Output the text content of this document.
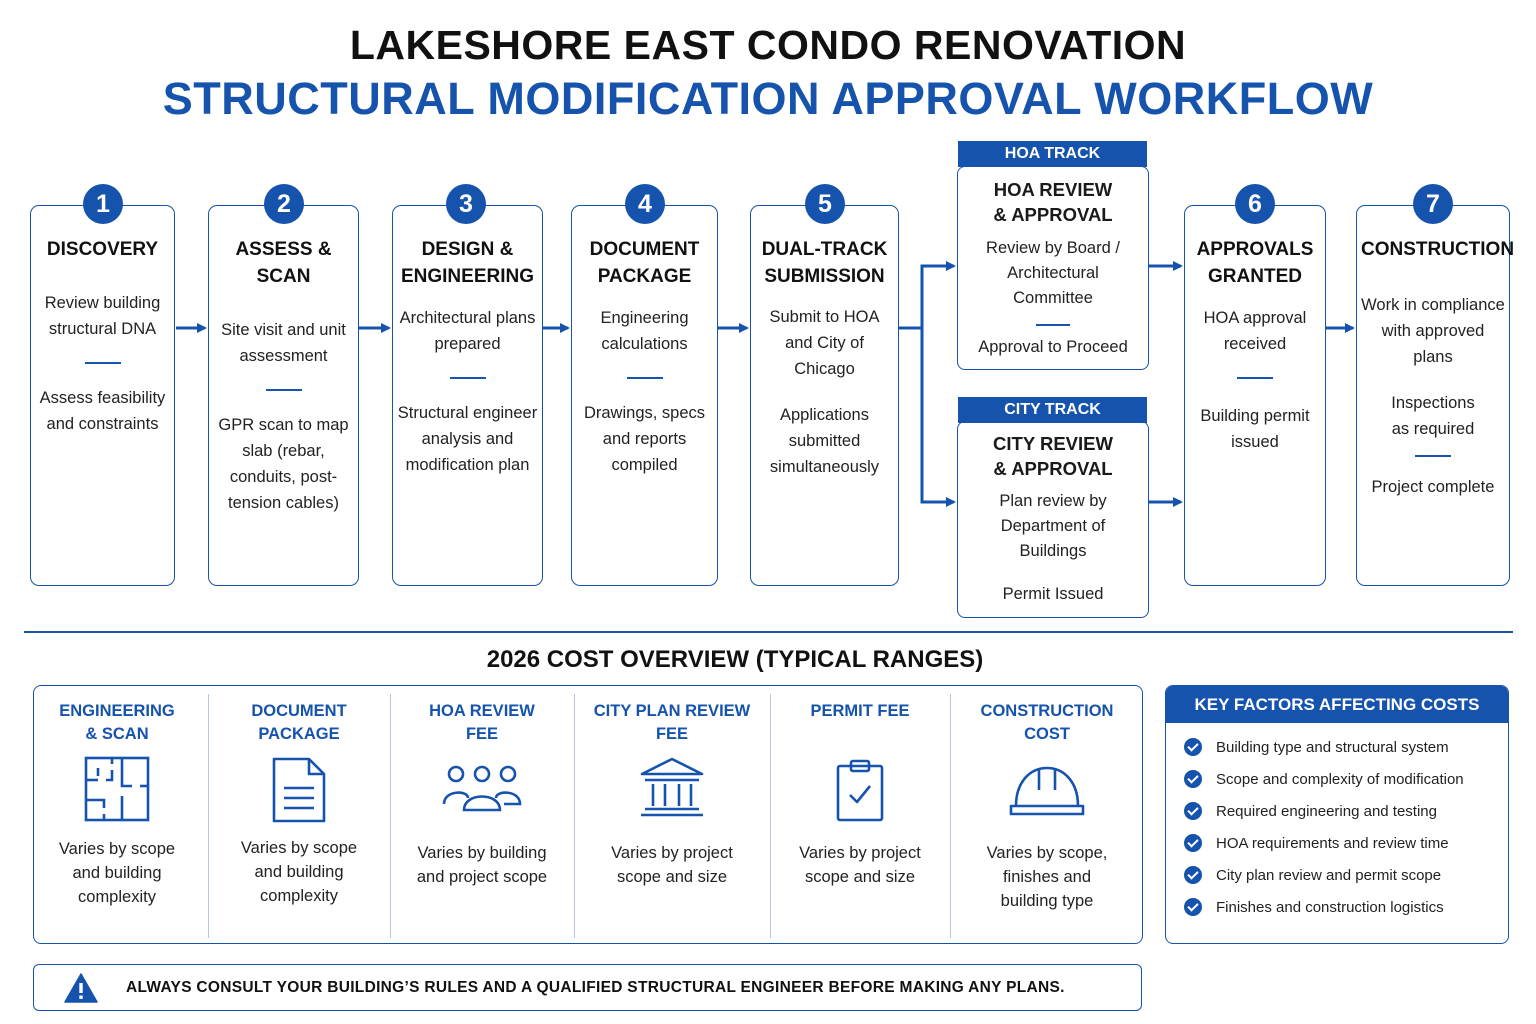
LAKESHORE EAST CONDO RENOVATION
STRUCTURAL MODIFICATION APPROVAL WORKFLOW
DISCOVERY
Review building
structural DNA
Assess feasibility
and constraints
1
ASSESS & SCAN
Site visit and unit
assessment
GPR scan to map
slab (rebar,
conduits, post-
tension cables)
2
DESIGN &
ENGINEERING
Architectural plans
prepared
Structural engineer
analysis and
modification plan
3
DOCUMENT
PACKAGE
Engineering
calculations
Drawings, specs
and reports
compiled
4
DUAL-TRACK
SUBMISSION
Submit to HOA
and City of
Chicago
Applications
submitted
simultaneously
5
HOA REVIEW
& APPROVAL
Review by Board /
Architectural
Committee
Approval to Proceed
HOA TRACK
CITY REVIEW
& APPROVAL
Plan review by
Department of
Buildings
Permit Issued
CITY TRACK
APPROVALS
GRANTED
HOA approval
received
Building permit
issued
6
CONSTRUCTION
Work in compliance
with approved
plans
Inspections
as required
Project complete
7
2026 COST OVERVIEW (TYPICAL RANGES)
ENGINEERING
& SCAN
Varies by scope
and building
complexity
DOCUMENT
PACKAGE
Varies by scope
and building
complexity
HOA REVIEW
FEE
Varies by building
and project scope
CITY PLAN REVIEW
FEE
Varies by project
scope and size
PERMIT FEE
Varies by project
scope and size
CONSTRUCTION
COST
Varies by scope,
finishes and
building type
KEY FACTORS AFFECTING COSTS
Building type and structural system
Scope and complexity of modification
Required engineering and testing
HOA requirements and review time
City plan review and permit scope
Finishes and construction logistics
ALWAYS CONSULT YOUR BUILDING’S RULES AND A QUALIFIED STRUCTURAL ENGINEER BEFORE MAKING ANY PLANS.
